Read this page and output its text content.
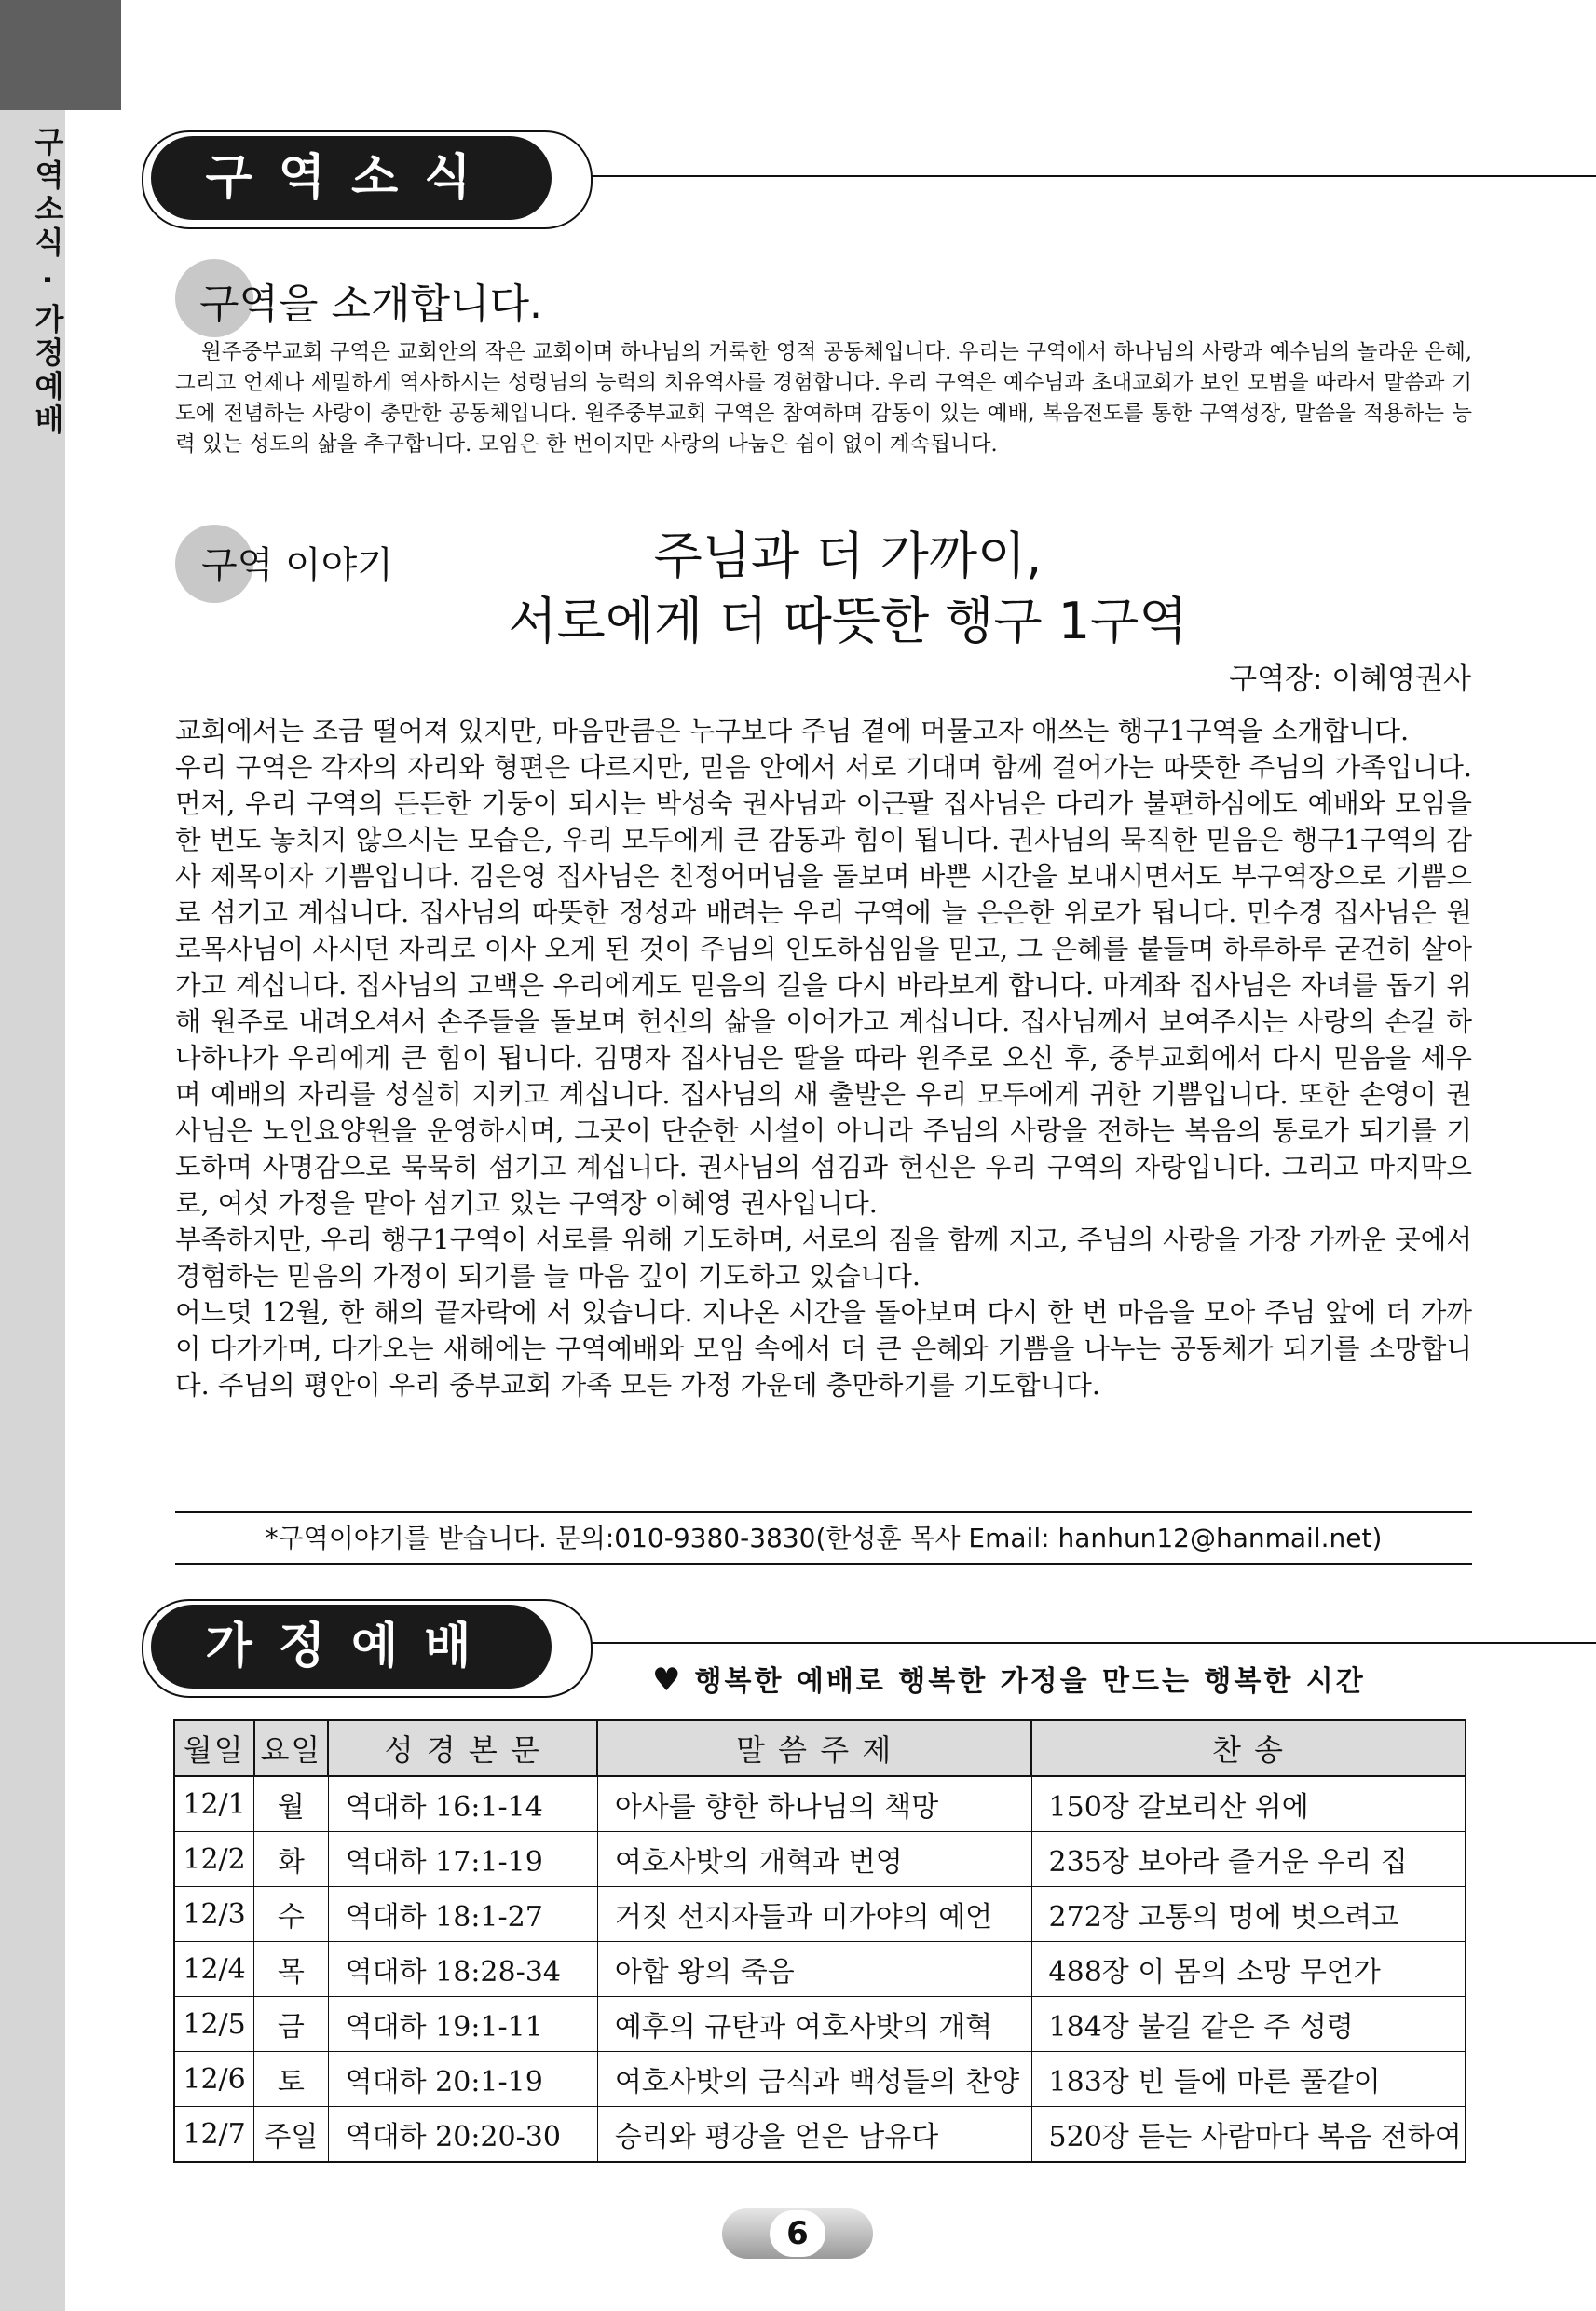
구역소식 · 가정예배	구역소식
구역을 소개합니다.
원주중부교회 구역은 교회안의 작은 교회이며 하나님의 거룩한 영적 공동체입니다. 우리는 구역에서 하나님의 사랑과 예수님의 놀라운 은혜, 그리고 언제나 세밀하게 역사하시는 성령님의 능력의 치유역사를 경험합니다. 우리 구역은 예수님과 초대교회가 보인 모범을 따라서 말씀과 기도에 전념하는 사랑이 충만한 공동체입니다. 원주중부교회 구역은 참여하며 감동이 있는 예배, 복음전도를 통한 구역성장, 말씀을 적용하는 능력 있는 성도의 삶을 추구합니다. 모임은 한 번이지만 사랑의 나눔은 쉼이 없이 계속됩니다.
구역 이야기	주님과 더 가까이,
서로에게 더 따뜻한 행구 1구역
구역장: 이혜영권사

교회에서는 조금 떨어져 있지만, 마음만큼은 누구보다 주님 곁에 머물고자 애쓰는 행구1구역을 소개합니다.

우리 구역은 각자의 자리와 형편은 다르지만, 믿음 안에서 서로 기대며 함께 걸어가는 따뜻한 주님의 가족입니다. 먼저, 우리 구역의 든든한 기둥이 되시는 박성숙 권사님과 이근팔 집사님은 다리가 불편하심에도 예배와 모임을 한 번도 놓치지 않으시는 모습은, 우리 모두에게 큰 감동과 힘이 됩니다. 권사님의 묵직한 믿음은 행구1구역의 감사 제목이자 기쁨입니다. 김은영 집사님은 친정어머님을 돌보며 바쁜 시간을 보내시면서도 부구역장으로 기쁨으로 섬기고 계십니다. 집사님의 따뜻한 정성과 배려는 우리 구역에 늘 은은한 위로가 됩니다. 민수경 집사님은 원로목사님이 사시던 자리로 이사 오게 된 것이 주님의 인도하심임을 믿고, 그 은혜를 붙들며 하루하루 굳건히 살아가고 계십니다. 집사님의 고백은 우리에게도 믿음의 길을 다시 바라보게 합니다. 마계좌 집사님은 자녀를 돕기 위해 원주로 내려오셔서 손주들을 돌보며 헌신의 삶을 이어가고 계십니다. 집사님께서 보여주시는 사랑의 손길 하나하나가 우리에게 큰 힘이 됩니다. 김명자 집사님은 딸을 따라 원주로 오신 후, 중부교회에서 다시 믿음을 세우며 예배의 자리를 성실히 지키고 계십니다. 집사님의 새 출발은 우리 모두에게 귀한 기쁨입니다. 또한 손영이 권사님은 노인요양원을 운영하시며, 그곳이 단순한 시설이 아니라 주님의 사랑을 전하는 복음의 통로가 되기를 기도하며 사명감으로 묵묵히 섬기고 계십니다. 권사님의 섬김과 헌신은 우리 구역의 자랑입니다. 그리고 마지막으로, 여섯 가정을 맡아 섬기고 있는 구역장 이혜영 권사입니다.

부족하지만, 우리 행구1구역이 서로를 위해 기도하며, 서로의 짐을 함께 지고, 주님의 사랑을 가장 가까운 곳에서 경험하는 믿음의 가정이 되기를 늘 마음 깊이 기도하고 있습니다.

어느덧 12월, 한 해의 끝자락에 서 있습니다. 지나온 시간을 돌아보며 다시 한 번 마음을 모아 주님 앞에 더 가까이 다가가며, 다가오는 새해에는 구역예배와 모임 속에서 더 큰 은혜와 기쁨을 나누는 공동체가 되기를 소망합니다. 주님의 평안이 우리 중부교회 가족 모든 가정 가운데 충만하기를 기도합니다.

*구역이야기를 받습니다. 문의:010-9380-3830(한성훈 목사 Email: hanhun12@hanmail.net)
가정예배
♥ 행복한 예배로 행복한 가정을 만드는 행복한 시간
월일	요일	성 경 본 문	말 씀 주 제	찬 송
12/1	월	역대하 16:1-14	아사를 향한 하나님의 책망	150장 갈보리산 위에
12/2	화	역대하 17:1-19	여호사밧의 개혁과 번영	235장 보아라 즐거운 우리 집
12/3	수	역대하 18:1-27	거짓 선지자들과 미가야의 예언	272장 고통의 멍에 벗으려고
12/4	목	역대하 18:28-34	아합 왕의 죽음	488장 이 몸의 소망 무언가
12/5	금	역대하 19:1-11	예후의 규탄과 여호사밧의 개혁	184장 불길 같은 주 성령
12/6	토	역대하 20:1-19	여호사밧의 금식과 백성들의 찬양	183장 빈 들에 마른 풀같이
12/7	주일	역대하 20:20-30	승리와 평강을 얻은 남유다	520장 듣는 사람마다 복음 전하여
6
